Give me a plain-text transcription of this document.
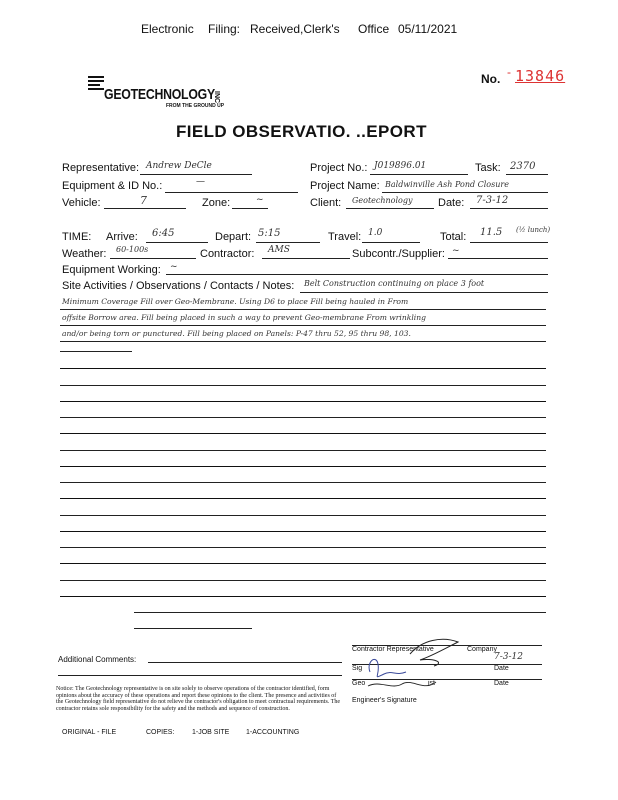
Electronic Filing: Received,Clerk's Office 05/11/2021
No. - 13846
GEOTECHNOLOGY
INC
FROM THE GROUND UP
FIELD OBSERVATIO. ..EPORT
Representative: Andrew DeCle	Project No.: J019896.01	Task: 2370
Equipment & ID No.:	—	Project Name: Baldwinville Ash Pond Closure
Vehicle:	7	Zone:	~	Client: Geotechnology Date: 7-3-12
TIME: Arrive: 6:45	Depart: 5:15	Travel: 1.0	Total: 11.5 (½ lunch)
Weather: 60-100s	Contractor: AMS	Subcontr./Supplier: ~
Equipment Working: ~
Site Activities / Observations / Contacts / Notes: Belt Construction continuing on place 3 foot
Minimum Coverage Fill over Geo-Membrane. Using D6 to place Fill being hauled in From
offsite Borrow area. Fill being placed in such a way to prevent Geo-membrane From wrinkling
and/or being torn or punctured. Fill being placed on Panels: P-47 thru 52, 95 thru 98, 103.
Contractor Representative	Company
7-3-12
Sig	Date
Geo	ist	Date
Engineer's Signature
Additional Comments:
Notice: The Geotechnology representative is on site solely to observe operations of the contractor identified, form opinions about the accuracy of these operations and report these opinions to the client. The presence and activities of the Geotechnology field representative do not relieve the contractor's obligation to meet contractual requirements. The contractor retains sole responsibility for the safety and the methods and sequence of construction.
ORIGINAL - FILE	COPIES:	1-JOB SITE 1-ACCOUNTING
